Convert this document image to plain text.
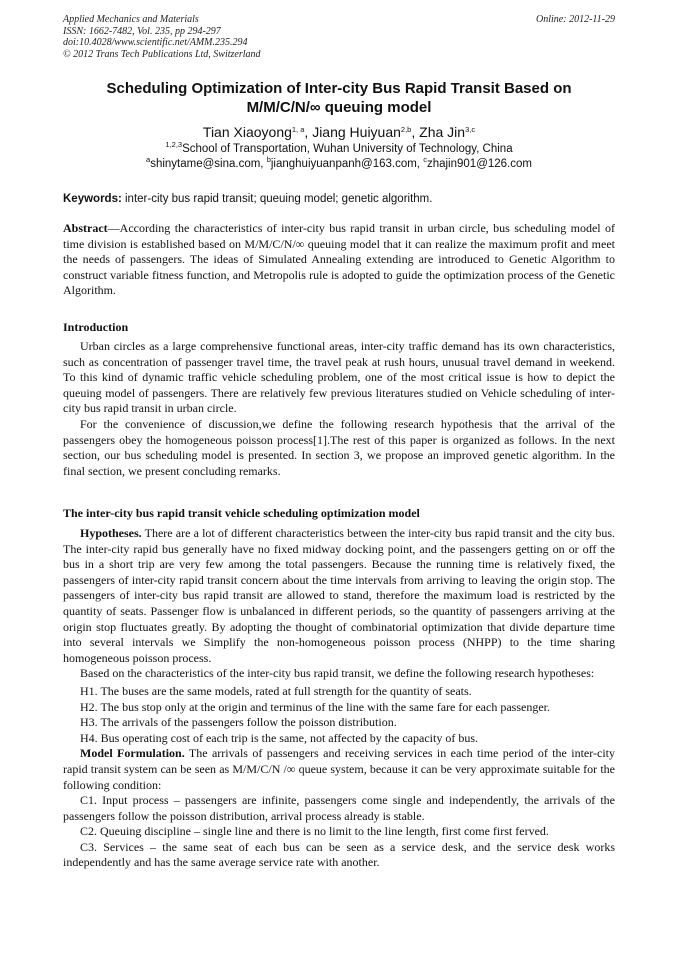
Applied Mechanics and Materials
ISSN: 1662-7482, Vol. 235, pp 294-297
doi:10.4028/www.scientific.net/AMM.235.294
© 2012 Trans Tech Publications Ltd, Switzerland
Online: 2012-11-29
Scheduling Optimization of Inter-city Bus Rapid Transit Based on
M/M/C/N/∞ queuing model
Tian Xiaoyong$^{1, a}$, Jiang Huiyuan$^{2,b}$, Zha Jin$^{3,c}$
$^{1,2,3}$School of Transportation, Wuhan University of Technology, China
$^a$shinytame@sina.com, $^b$jianghuiyuanpanh@163.com, $^c$zhajin901@126.com
Keywords: inter-city bus rapid transit; queuing model; genetic algorithm.

Abstract—According the characteristics of inter-city bus rapid transit in urban circle, bus scheduling model of time division is established based on M/M/C/N/∞ queuing model that it can realize the maximum profit and meet the needs of passengers. The ideas of Simulated Annealing extending are introduced to Genetic Algorithm to construct variable fitness function, and Metropolis rule is adopted to guide the optimization process of the Genetic Algorithm.

Introduction

Urban circles as a large comprehensive functional areas, inter-city traffic demand has its own characteristics, such as concentration of passenger travel time, the travel peak at rush hours, unusual travel demand in weekend. To this kind of dynamic traffic vehicle scheduling problem, one of the most critical issue is how to depict the queuing model of passengers. There are relatively few previous literatures studied on Vehicle scheduling of inter-city bus rapid transit in urban circle.

For the convenience of discussion,we define the following research hypothesis that the arrival of the passengers obey the homogeneous poisson process[1].The rest of this paper is organized as follows. In the next section, our bus scheduling model is presented. In section 3, we propose an improved genetic algorithm. In the final section, we present concluding remarks.

The inter-city bus rapid transit vehicle scheduling optimization model

Hypotheses. There are a lot of different characteristics between the inter-city bus rapid transit and the city bus. The inter-city rapid bus generally have no fixed midway docking point, and the passengers getting on or off the bus in a short trip are very few among the total passengers. Because the running time is relatively fixed, the passengers of inter-city rapid transit concern about the time intervals from arriving to leaving the origin stop. The passengers of inter-city bus rapid transit are allowed to stand, therefore the maximum load is restricted by the quantity of seats. Passenger flow is unbalanced in different periods, so the quantity of passengers arriving at the origin stop fluctuates greatly. By adopting the thought of combinatorial optimization that divide departure time into several intervals we Simplify the non-homogeneous poisson process (NHPP) to the time sharing homogeneous poisson process.

Based on the characteristics of the inter-city bus rapid transit, we define the following research hypotheses:

H1. The buses are the same models, rated at full strength for the quantity of seats.

H2. The bus stop only at the origin and terminus of the line with the same fare for each passenger.

H3. The arrivals of the passengers follow the poisson distribution.

H4. Bus operating cost of each trip is the same, not affected by the capacity of bus.

Model Formulation. The arrivals of passengers and receiving services in each time period of the inter-city rapid transit system can be seen as M/M/C/N /∞ queue system, because it can be very approximate suitable for the following condition:

C1. Input process – passengers are infinite, passengers come single and independently, the arrivals of the passengers follow the poisson distribution, arrival process already is stable.

C2. Queuing discipline – single line and there is no limit to the line length, first come first ferved.

C3. Services – the same seat of each bus can be seen as a service desk, and the service desk works independently and has the same average service rate with another.
